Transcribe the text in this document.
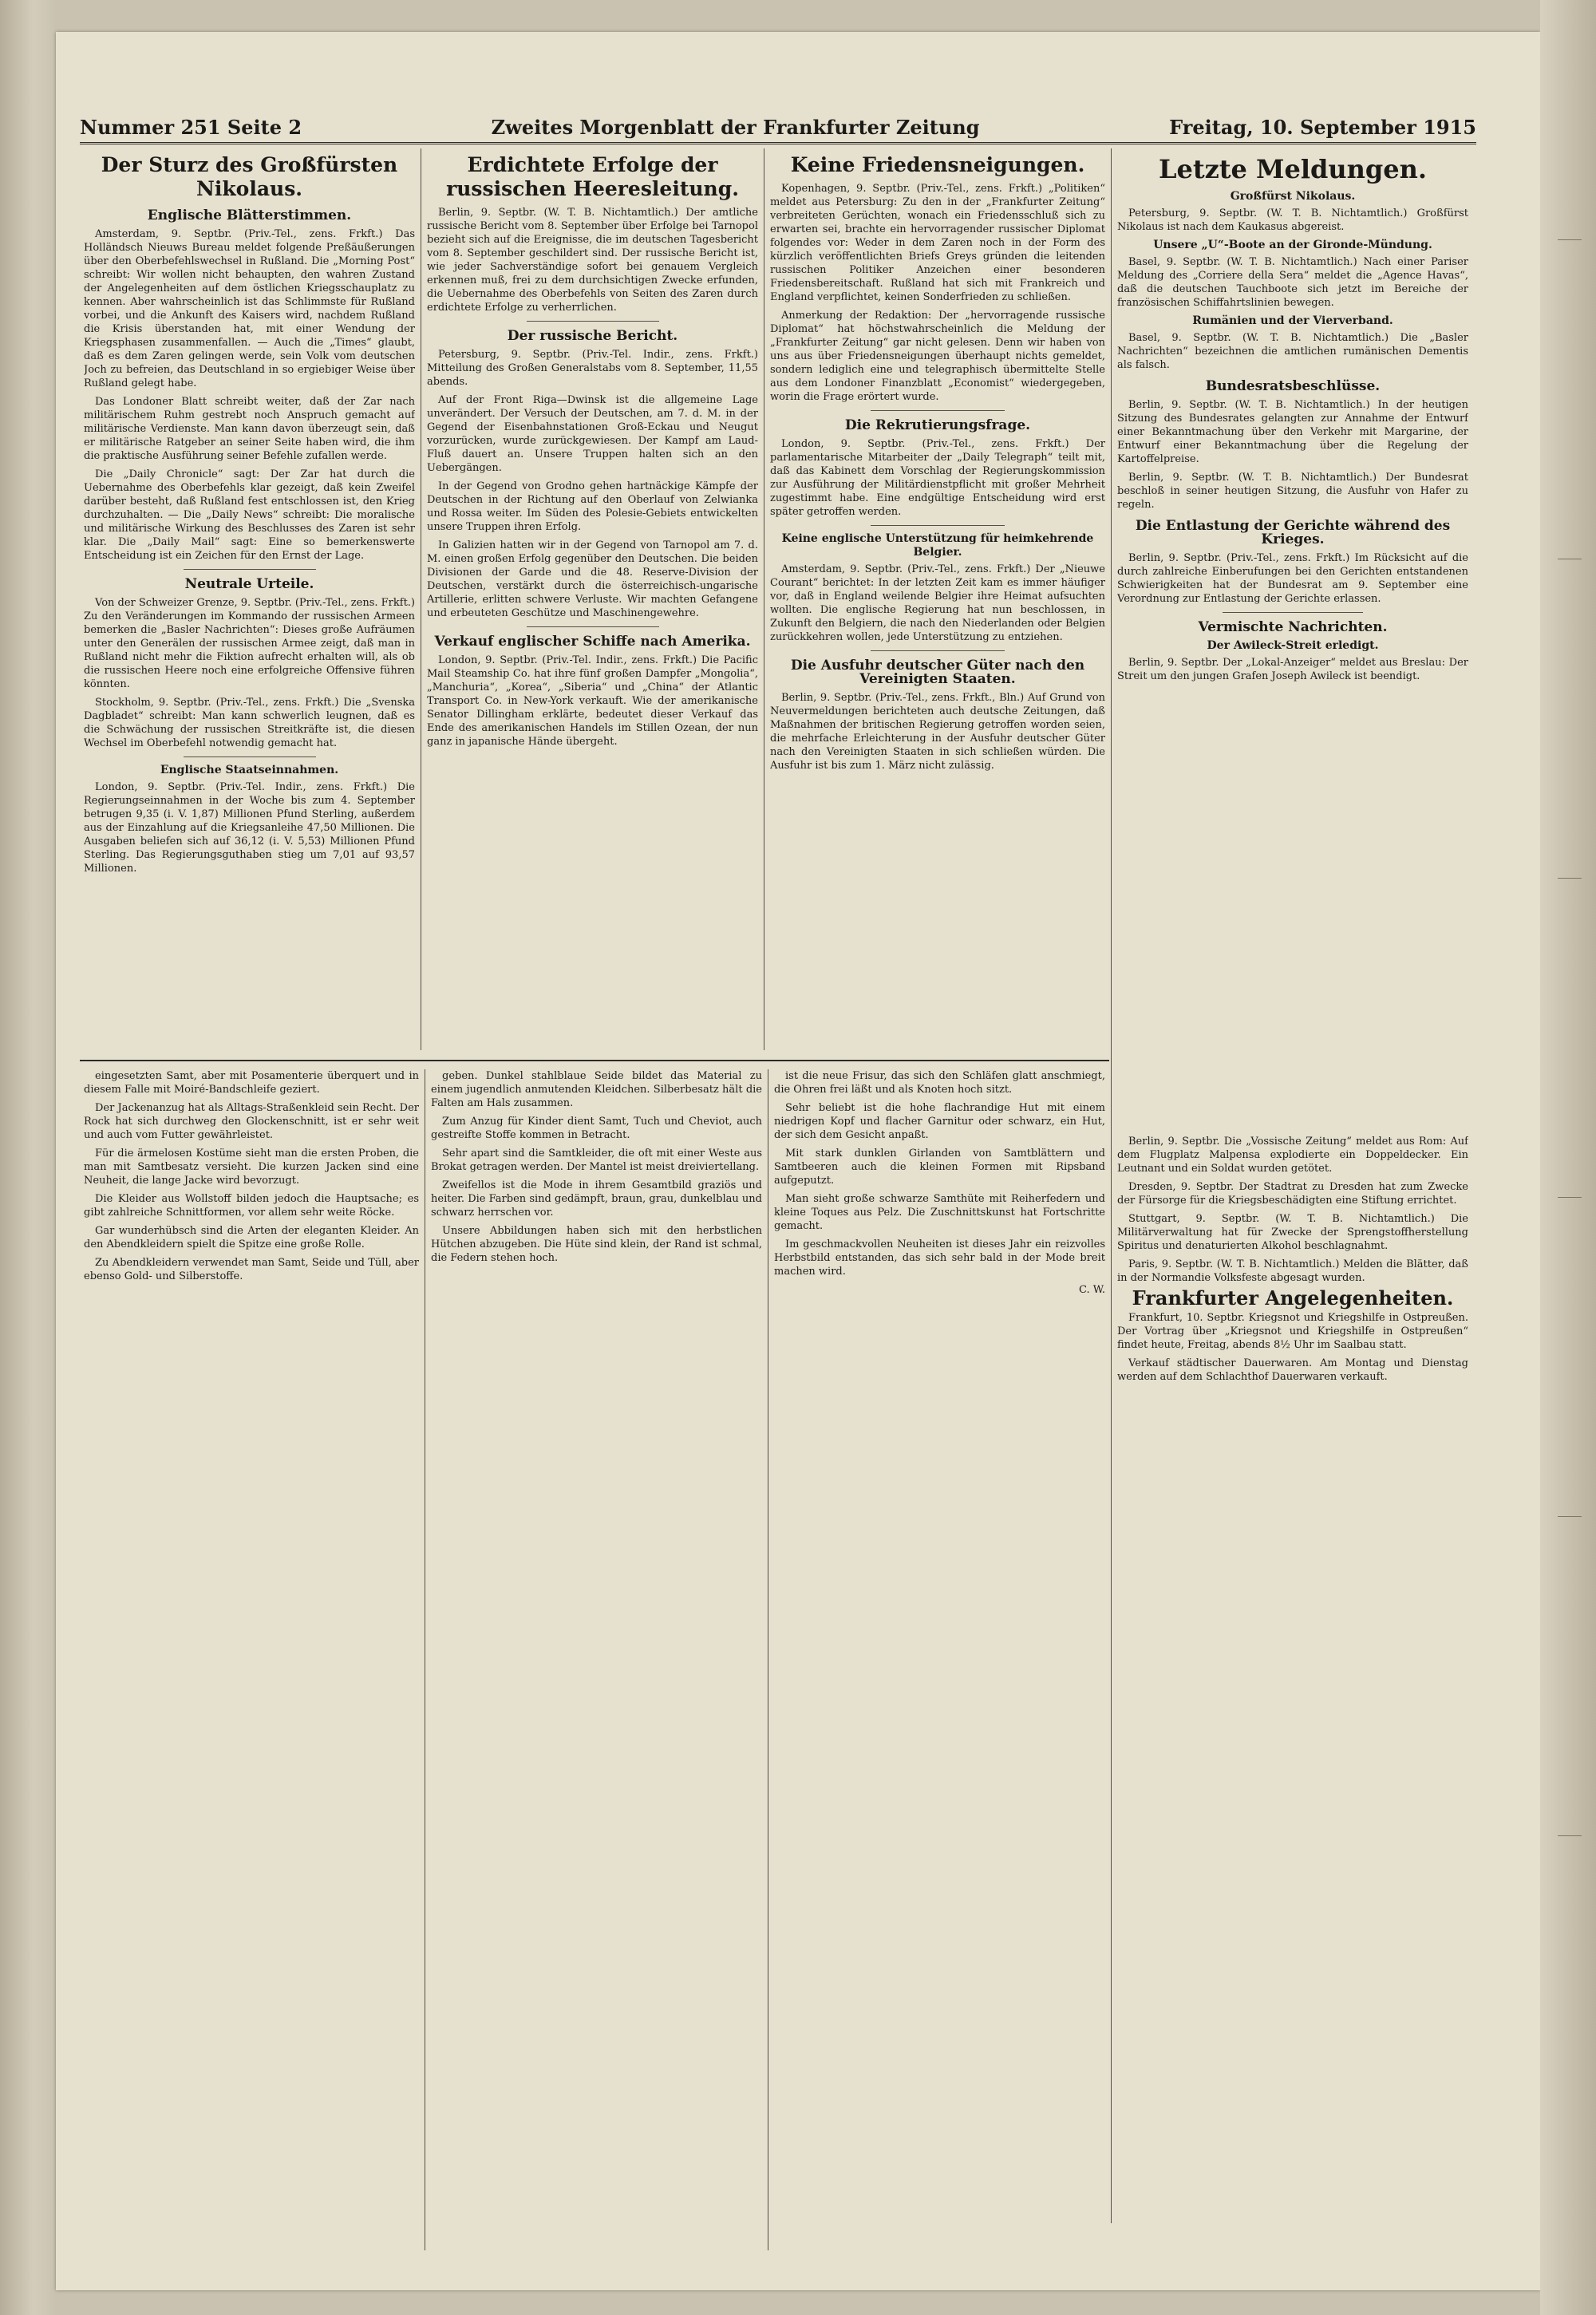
Nummer 251 Seite 2	Zweites Morgenblatt der Frankfurter Zeitung	Freitag, 10. September 1915
Der Sturz des Großfürsten Nikolaus.
Englische Blätterstimmen.

Amsterdam, 9. Septbr. (Priv.-Tel., zens. Frkft.) Das Holländsch Nieuws Bureau meldet folgende Preßäußerungen über den Oberbefehlswechsel in Rußland. Die „Morning Post“ schreibt: Wir wollen nicht behaupten, den wahren Zustand der Angelegenheiten auf dem östlichen Kriegsschauplatz zu kennen. Aber wahrscheinlich ist das Schlimmste für Rußland vorbei, und die Ankunft des Kaisers wird, nachdem Rußland die Krisis überstanden hat, mit einer Wendung der Kriegsphasen zusammenfallen. — Auch die „Times“ glaubt, daß es dem Zaren gelingen werde, sein Volk vom deutschen Joch zu befreien, das Deutschland in so ergiebiger Weise über Rußland gelegt habe.

Das Londoner Blatt schreibt weiter, daß der Zar nach militärischem Ruhm gestrebt noch Anspruch gemacht auf militärische Verdienste. Man kann davon überzeugt sein, daß er militärische Ratgeber an seiner Seite haben wird, die ihm die praktische Ausführung seiner Befehle zufallen werde.

Die „Daily Chronicle“ sagt: Der Zar hat durch die Uebernahme des Oberbefehls klar gezeigt, daß kein Zweifel darüber besteht, daß Rußland fest entschlossen ist, den Krieg durchzuhalten. — Die „Daily News“ schreibt: Die moralische und militärische Wirkung des Beschlusses des Zaren ist sehr klar. Die „Daily Mail“ sagt: Eine so bemerkenswerte Entscheidung ist ein Zeichen für den Ernst der Lage.

Neutrale Urteile.

Von der Schweizer Grenze, 9. Septbr. (Priv.-Tel., zens. Frkft.) Zu den Veränderungen im Kommando der russischen Armeen bemerken die „Basler Nachrichten“: Dieses große Aufräumen unter den Generälen der russischen Armee zeigt, daß man in Rußland nicht mehr die Fiktion aufrecht erhalten will, als ob die russischen Heere noch eine erfolgreiche Offensive führen könnten.

Stockholm, 9. Septbr. (Priv.-Tel., zens. Frkft.) Die „Svenska Dagbladet“ schreibt: Man kann schwerlich leugnen, daß es die Schwächung der russischen Streitkräfte ist, die diesen Wechsel im Oberbefehl notwendig gemacht hat.

Englische Staatseinnahmen.

London, 9. Septbr. (Priv.-Tel. Indir., zens. Frkft.) Die Regierungseinnahmen in der Woche bis zum 4. September betrugen 9,35 (i. V. 1,87) Millionen Pfund Sterling, außerdem aus der Einzahlung auf die Kriegsanleihe 47,50 Millionen. Die Ausgaben beliefen sich auf 36,12 (i. V. 5,53) Millionen Pfund Sterling. Das Regierungsguthaben stieg um 7,01 auf 93,57 Millionen.

Erdichtete Erfolge der russischen Heeresleitung.

Berlin, 9. Septbr. (W. T. B. Nichtamtlich.) Der amtliche russische Bericht vom 8. September über Erfolge bei Tarnopol bezieht sich auf die Ereignisse, die im deutschen Tagesbericht vom 8. September geschildert sind. Der russische Bericht ist, wie jeder Sachverständige sofort bei genauem Vergleich erkennen muß, frei zu dem durchsichtigen Zwecke erfunden, die Uebernahme des Oberbefehls von Seiten des Zaren durch erdichtete Erfolge zu verherrlichen.

Der russische Bericht.

Petersburg, 9. Septbr. (Priv.-Tel. Indir., zens. Frkft.) Mitteilung des Großen Generalstabs vom 8. September, 11,55 abends.

Auf der Front Riga—Dwinsk ist die allgemeine Lage unverändert. Der Versuch der Deutschen, am 7. d. M. in der Gegend der Eisenbahnstationen Groß-Eckau und Neugut vorzurücken, wurde zurückgewiesen. Der Kampf am Laud-Fluß dauert an. Unsere Truppen halten sich an den Uebergängen.

In der Gegend von Grodno gehen hartnäckige Kämpfe der Deutschen in der Richtung auf den Oberlauf von Zelwianka und Rossa weiter. Im Süden des Polesie-Gebiets entwickelten unsere Truppen ihren Erfolg.

In Galizien hatten wir in der Gegend von Tarnopol am 7. d. M. einen großen Erfolg gegenüber den Deutschen. Die beiden Divisionen der Garde und die 48. Reserve-Division der Deutschen, verstärkt durch die österreichisch-ungarische Artillerie, erlitten schwere Verluste. Wir machten Gefangene und erbeuteten Geschütze und Maschinengewehre.

Verkauf englischer Schiffe nach Amerika.

London, 9. Septbr. (Priv.-Tel. Indir., zens. Frkft.) Die Pacific Mail Steamship Co. hat ihre fünf großen Dampfer „Mongolia“, „Manchuria“, „Korea“, „Siberia“ und „China“ der Atlantic Transport Co. in New-York verkauft. Wie der amerikanische Senator Dillingham erklärte, bedeutet dieser Verkauf das Ende des amerikanischen Handels im Stillen Ozean, der nun ganz in japanische Hände übergeht.

Keine Friedensneigungen.

Kopenhagen, 9. Septbr. (Priv.-Tel., zens. Frkft.) „Politiken“ meldet aus Petersburg: Zu den in der „Frankfurter Zeitung“ verbreiteten Gerüchten, wonach ein Friedensschluß sich zu erwarten sei, brachte ein hervorragender russischer Diplomat folgendes vor: Weder in dem Zaren noch in der Form des kürzlich veröffentlichten Briefs Greys gründen die leitenden russischen Politiker Anzeichen einer besonderen Friedensbereitschaft. Rußland hat sich mit Frankreich und England verpflichtet, keinen Sonderfrieden zu schließen.

Anmerkung der Redaktion: Der „hervorragende russische Diplomat“ hat höchstwahrscheinlich die Meldung der „Frankfurter Zeitung“ gar nicht gelesen. Denn wir haben von uns aus über Friedensneigungen überhaupt nichts gemeldet, sondern lediglich eine und telegraphisch übermittelte Stelle aus dem Londoner Finanzblatt „Economist“ wiedergegeben, worin die Frage erörtert wurde.

Die Rekrutierungsfrage.

London, 9. Septbr. (Priv.-Tel., zens. Frkft.) Der parlamentarische Mitarbeiter der „Daily Telegraph“ teilt mit, daß das Kabinett dem Vorschlag der Regierungskommission zur Ausführung der Militärdienstpflicht mit großer Mehrheit zugestimmt habe. Eine endgültige Entscheidung wird erst später getroffen werden.

Keine englische Unterstützung für heimkehrende Belgier.

Amsterdam, 9. Septbr. (Priv.-Tel., zens. Frkft.) Der „Nieuwe Courant“ berichtet: In der letzten Zeit kam es immer häufiger vor, daß in England weilende Belgier ihre Heimat aufsuchten wollten. Die englische Regierung hat nun beschlossen, in Zukunft den Belgiern, die nach den Niederlanden oder Belgien zurückkehren wollen, jede Unterstützung zu entziehen.

Die Ausfuhr deutscher Güter nach den Vereinigten Staaten.

Berlin, 9. Septbr. (Priv.-Tel., zens. Frkft., Bln.) Auf Grund von Neuvermeldungen berichteten auch deutsche Zeitungen, daß Maßnahmen der britischen Regierung getroffen worden seien, die mehrfache Erleichterung in der Ausfuhr deutscher Güter nach den Vereinigten Staaten in sich schließen würden. Die Ausfuhr ist bis zum 1. März nicht zulässig.

Letzte Meldungen.
Großfürst Nikolaus.

Petersburg, 9. Septbr. (W. T. B. Nichtamtlich.) Großfürst Nikolaus ist nach dem Kaukasus abgereist.

Unsere „U“-Boote an der Gironde-Mündung.

Basel, 9. Septbr. (W. T. B. Nichtamtlich.) Nach einer Pariser Meldung des „Corriere della Sera“ meldet die „Agence Havas“, daß die deutschen Tauchboote sich jetzt im Bereiche der französischen Schiffahrtslinien bewegen.

Rumänien und der Vierverband.

Basel, 9. Septbr. (W. T. B. Nichtamtlich.) Die „Basler Nachrichten“ bezeichnen die amtlichen rumänischen Dementis als falsch.

Bundesratsbeschlüsse.

Berlin, 9. Septbr. (W. T. B. Nichtamtlich.) In der heutigen Sitzung des Bundesrates gelangten zur Annahme der Entwurf einer Bekanntmachung über den Verkehr mit Margarine, der Entwurf einer Bekanntmachung über die Regelung der Kartoffelpreise.

Berlin, 9. Septbr. (W. T. B. Nichtamtlich.) Der Bundesrat beschloß in seiner heutigen Sitzung, die Ausfuhr von Hafer zu regeln.

Die Entlastung der Gerichte während des Krieges.

Berlin, 9. Septbr. (Priv.-Tel., zens. Frkft.) Im Rücksicht auf die durch zahlreiche Einberufungen bei den Gerichten entstandenen Schwierigkeiten hat der Bundesrat am 9. September eine Verordnung zur Entlastung der Gerichte erlassen.

Vermischte Nachrichten.
Der Awileck-Streit erledigt.

Berlin, 9. Septbr. Der „Lokal-Anzeiger“ meldet aus Breslau: Der Streit um den jungen Grafen Joseph Awileck ist beendigt.

Berlin, 9. Septbr. Die „Vossische Zeitung“ meldet aus Rom: Auf dem Flugplatz Malpensa explodierte ein Doppeldecker. Ein Leutnant und ein Soldat wurden getötet.

Dresden, 9. Septbr. Der Stadtrat zu Dresden hat zum Zwecke der Fürsorge für die Kriegsbeschädigten eine Stiftung errichtet.

Stuttgart, 9. Septbr. (W. T. B. Nichtamtlich.) Die Militärverwaltung hat für Zwecke der Sprengstoffherstellung Spiritus und denaturierten Alkohol beschlagnahmt.

Paris, 9. Septbr. (W. T. B. Nichtamtlich.) Melden die Blätter, daß in der Normandie Volksfeste abgesagt wurden.

Frankfurter Angelegenheiten.

Frankfurt, 10. Septbr. Kriegsnot und Kriegshilfe in Ostpreußen. Der Vortrag über „Kriegsnot und Kriegshilfe in Ostpreußen“ findet heute, Freitag, abends 8½ Uhr im Saalbau statt.

Verkauf städtischer Dauerwaren. Am Montag und Dienstag werden auf dem Schlachthof Dauerwaren verkauft.

eingesetzten Samt, aber mit Posamenterie überquert und in diesem Falle mit Moiré-Bandschleife geziert.

Der Jackenanzug hat als Alltags-Straßenkleid sein Recht. Der Rock hat sich durchweg den Glockenschnitt, ist er sehr weit und auch vom Futter gewährleistet.

Für die ärmelosen Kostüme sieht man die ersten Proben, die man mit Samtbesatz versieht. Die kurzen Jacken sind eine Neuheit, die lange Jacke wird bevorzugt.

Die Kleider aus Wollstoff bilden jedoch die Hauptsache; es gibt zahlreiche Schnittformen, vor allem sehr weite Röcke.

Gar wunderhübsch sind die Arten der eleganten Kleider. An den Abendkleidern spielt die Spitze eine große Rolle.

Zu Abendkleidern verwendet man Samt, Seide und Tüll, aber ebenso Gold- und Silberstoffe.

geben. Dunkel stahlblaue Seide bildet das Material zu einem jugendlich anmutenden Kleidchen. Silberbesatz hält die Falten am Hals zusammen.

Zum Anzug für Kinder dient Samt, Tuch und Cheviot, auch gestreifte Stoffe kommen in Betracht.

Sehr apart sind die Samtkleider, die oft mit einer Weste aus Brokat getragen werden. Der Mantel ist meist dreiviertellang.

Zweifellos ist die Mode in ihrem Gesamtbild graziös und heiter. Die Farben sind gedämpft, braun, grau, dunkelblau und schwarz herrschen vor.

Unsere Abbildungen haben sich mit den herbstlichen Hütchen abzugeben. Die Hüte sind klein, der Rand ist schmal, die Federn stehen hoch.

ist die neue Frisur, das sich den Schläfen glatt anschmiegt, die Ohren frei läßt und als Knoten hoch sitzt.

Sehr beliebt ist die hohe flachrandige Hut mit einem niedrigen Kopf und flacher Garnitur oder schwarz, ein Hut, der sich dem Gesicht anpaßt.

Mit stark dunklen Girlanden von Samtblättern und Samtbeeren auch die kleinen Formen mit Ripsband aufgeputzt.

Man sieht große schwarze Samthüte mit Reiherfedern und kleine Toques aus Pelz. Die Zuschnittskunst hat Fortschritte gemacht.

Im geschmackvollen Neuheiten ist dieses Jahr ein reizvolles Herbstbild entstanden, das sich sehr bald in der Mode breit machen wird.

C. W.
